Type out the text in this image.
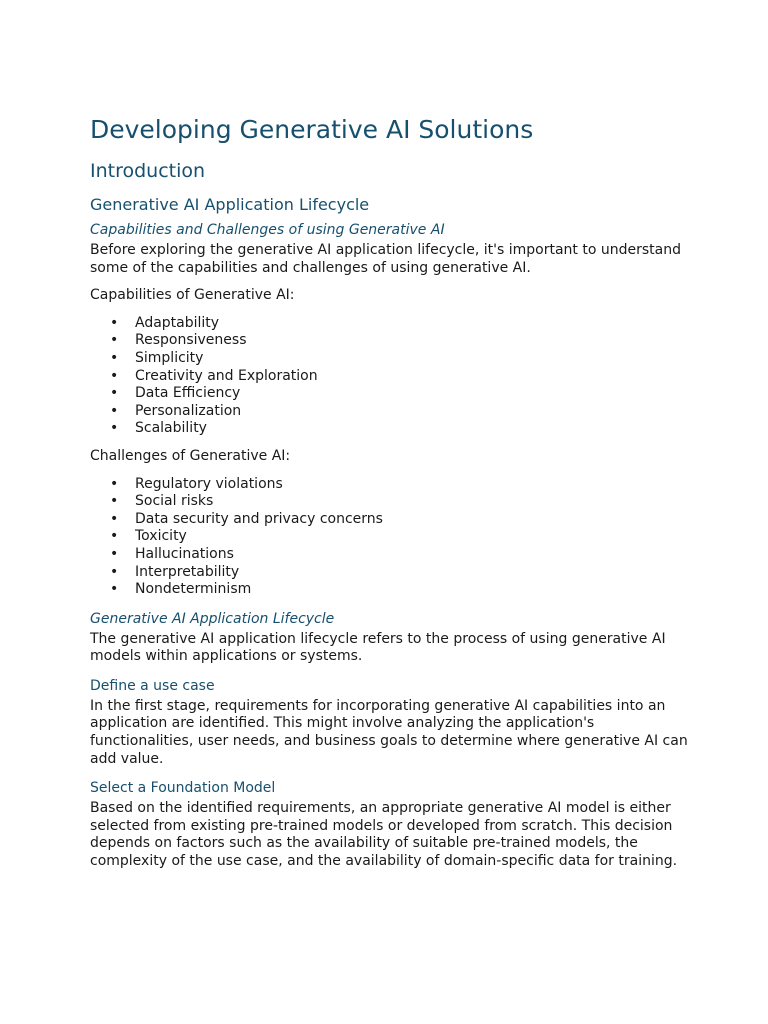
Developing Generative AI Solutions
Introduction
Generative AI Application Lifecycle
Capabilities and Challenges of using Generative AI

Before exploring the generative AI application lifecycle, it's important to understand some of the capabilities and challenges of using generative AI.

Capabilities of Generative AI:

• Adaptability
• Responsiveness
• Simplicity
• Creativity and Exploration
• Data Efficiency
• Personalization
• Scalability

Challenges of Generative AI:

• Regulatory violations
• Social risks
• Data security and privacy concerns
• Toxicity
• Hallucinations
• Interpretability
• Nondeterminism
Generative AI Application Lifecycle

The generative AI application lifecycle refers to the process of using generative AI models within applications or systems.

Define a use case

In the first stage, requirements for incorporating generative AI capabilities into an application are identified. This might involve analyzing the application's functionalities, user needs, and business goals to determine where generative AI can add value.

Select a Foundation Model

Based on the identified requirements, an appropriate generative AI model is either selected from existing pre-trained models or developed from scratch. This decision depends on factors such as the availability of suitable pre-trained models, the complexity of the use case, and the availability of domain-specific data for training.
